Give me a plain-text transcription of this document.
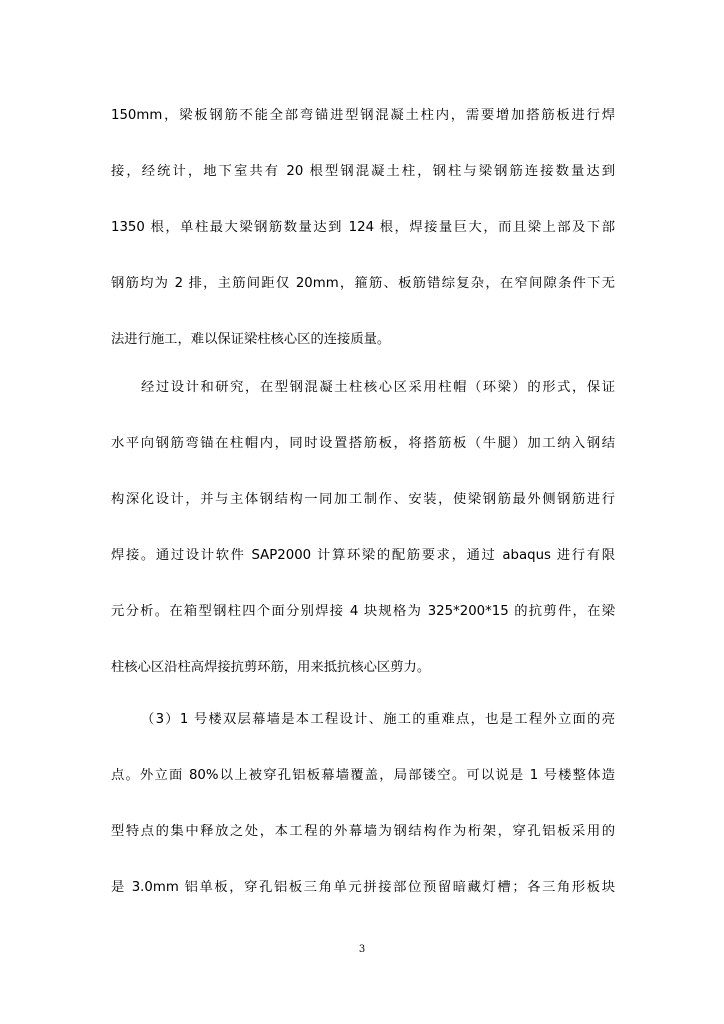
150mm，梁板钢筋不能全部弯锚进型钢混凝土柱内，需要增加搭筋板进行焊
接，经统计，地下室共有 20 根型钢混凝土柱，钢柱与梁钢筋连接数量达到
1350 根，单柱最大梁钢筋数量达到 124 根，焊接量巨大，而且梁上部及下部
钢筋均为 2 排，主筋间距仅 20mm，箍筋、板筋错综复杂，在窄间隙条件下无
法进行施工，难以保证梁柱核心区的连接质量。
经过设计和研究，在型钢混凝土柱核心区采用柱帽（环梁）的形式，保证
水平向钢筋弯锚在柱帽内，同时设置搭筋板，将搭筋板（牛腿）加工纳入钢结
构深化设计，并与主体钢结构一同加工制作、安装，使梁钢筋最外侧钢筋进行
焊接。通过设计软件 SAP2000 计算环梁的配筋要求，通过 abaqus 进行有限
元分析。在箱型钢柱四个面分别焊接 4 块规格为 325*200*15 的抗剪件，在梁
柱核心区沿柱高焊接抗剪环筋，用来抵抗核心区剪力。
（3）1 号楼双层幕墙是本工程设计、施工的重难点，也是工程外立面的亮
点。外立面 80%以上被穿孔铝板幕墙覆盖，局部镂空。可以说是 1 号楼整体造
型特点的集中释放之处，本工程的外幕墙为钢结构作为桁架，穿孔铝板采用的
是 3.0mm 铝单板，穿孔铝板三角单元拼接部位预留暗藏灯槽；各三角形板块
3
